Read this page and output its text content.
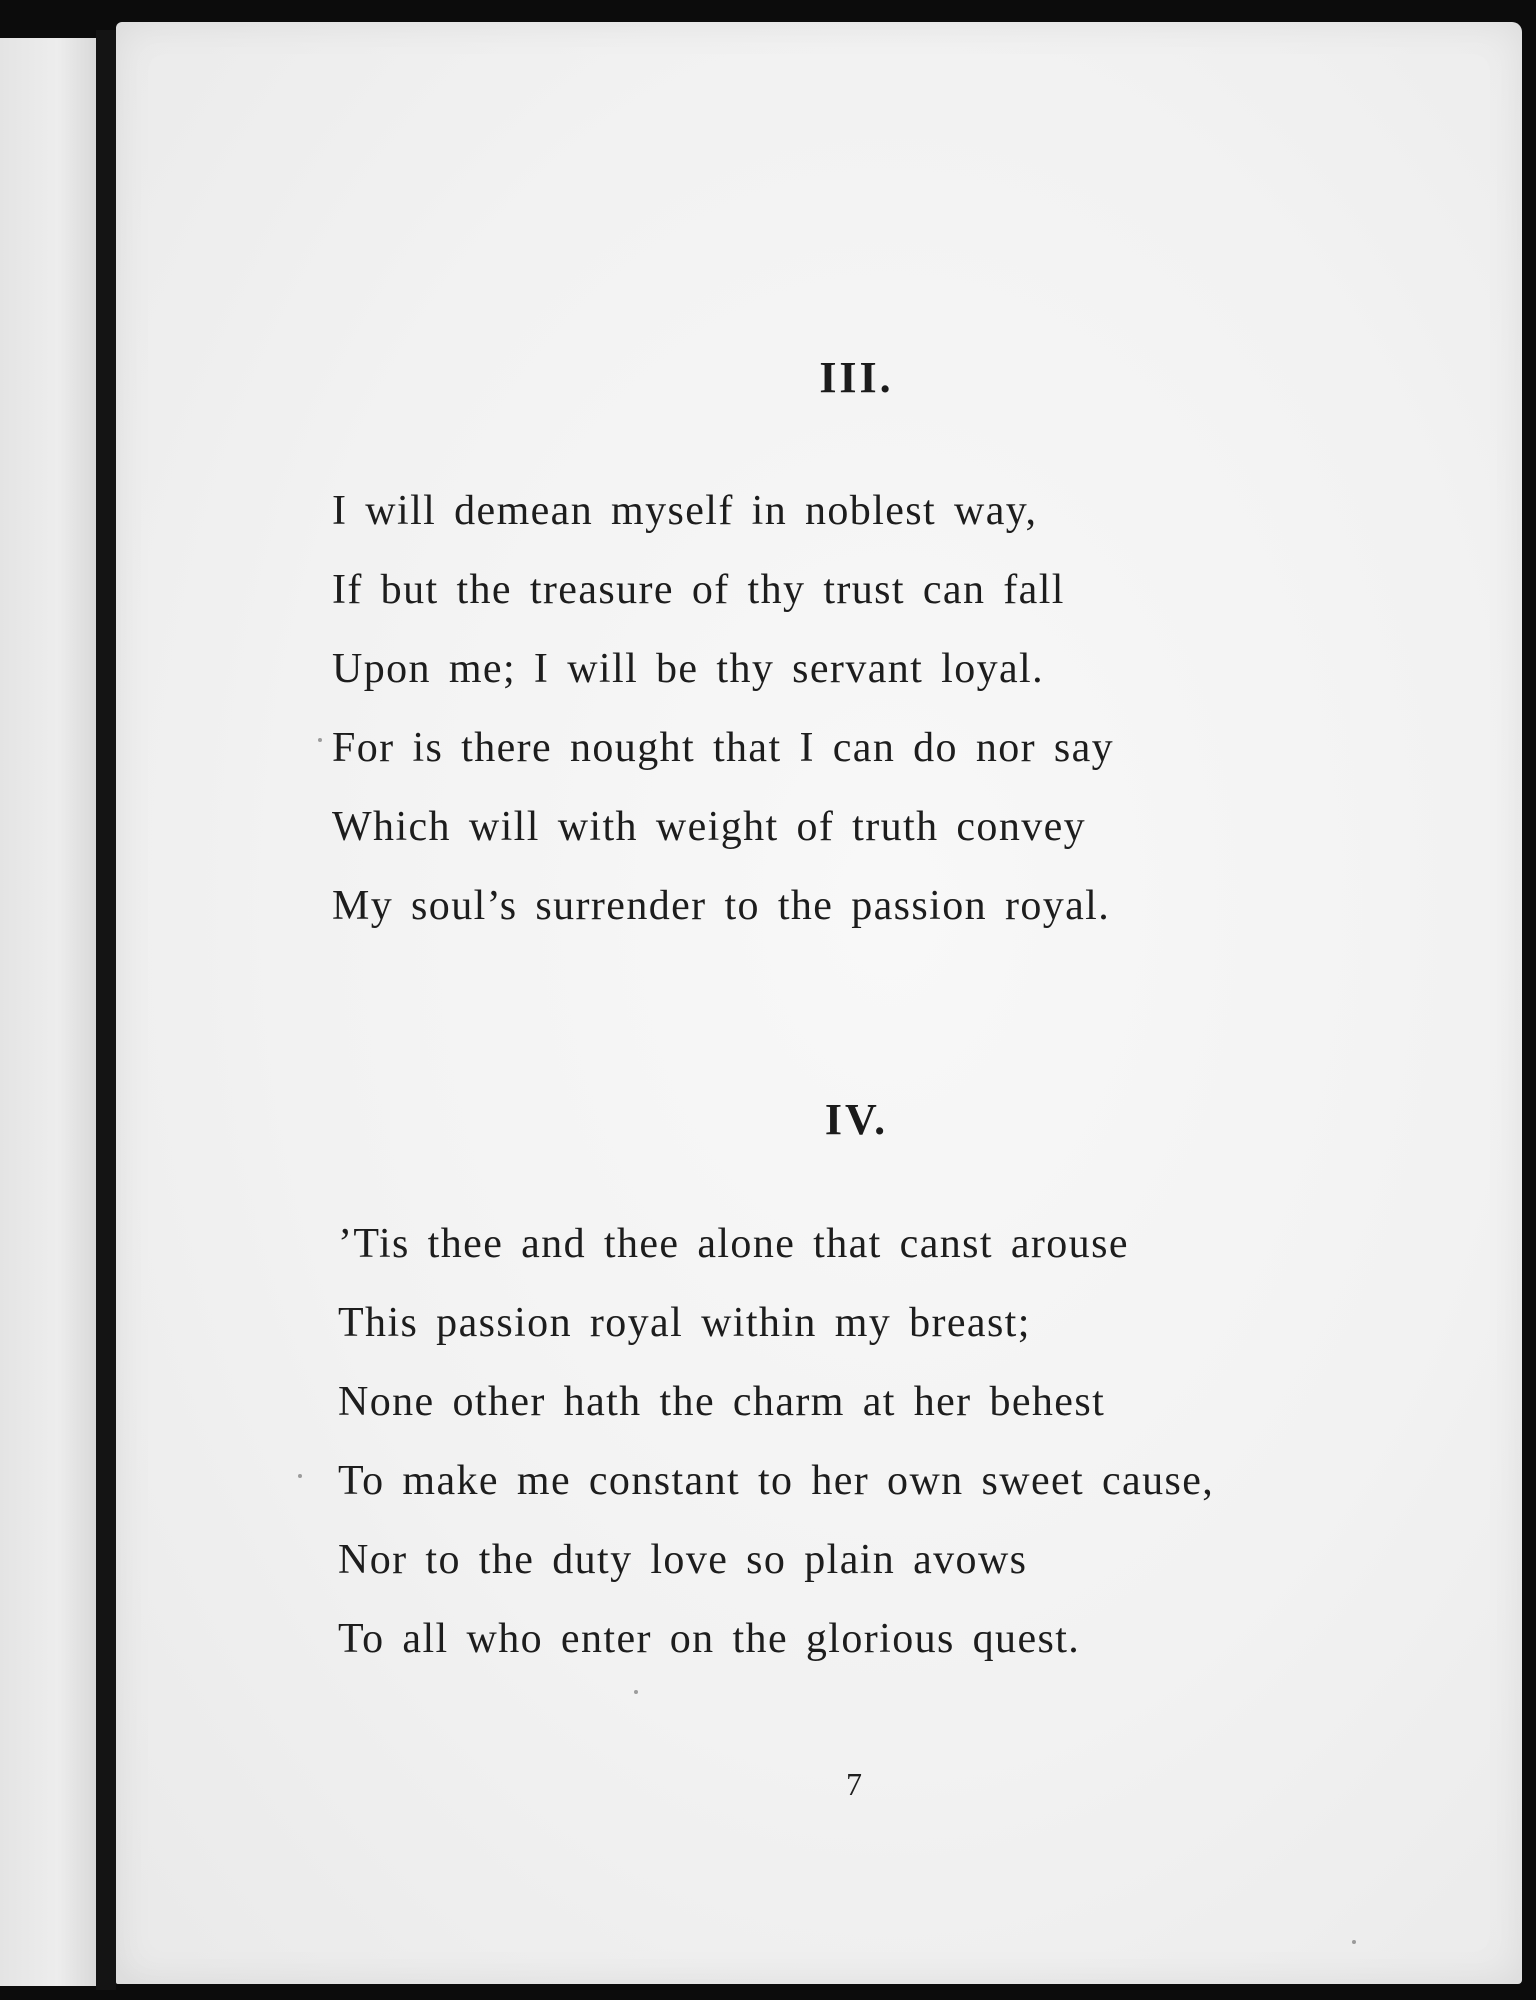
III.
I will demean myself in noblest way,
If but the treasure of thy trust can fall
Upon me; I will be thy servant loyal.
For is there nought that I can do nor say
Which will with weight of truth convey
My soul’s surrender to the passion royal.
IV.
’Tis thee and thee alone that canst arouse
This passion royal within my breast;
None other hath the charm at her behest
To make me constant to her own sweet cause,
Nor to the duty love so plain avows
To all who enter on the glorious quest.
7
